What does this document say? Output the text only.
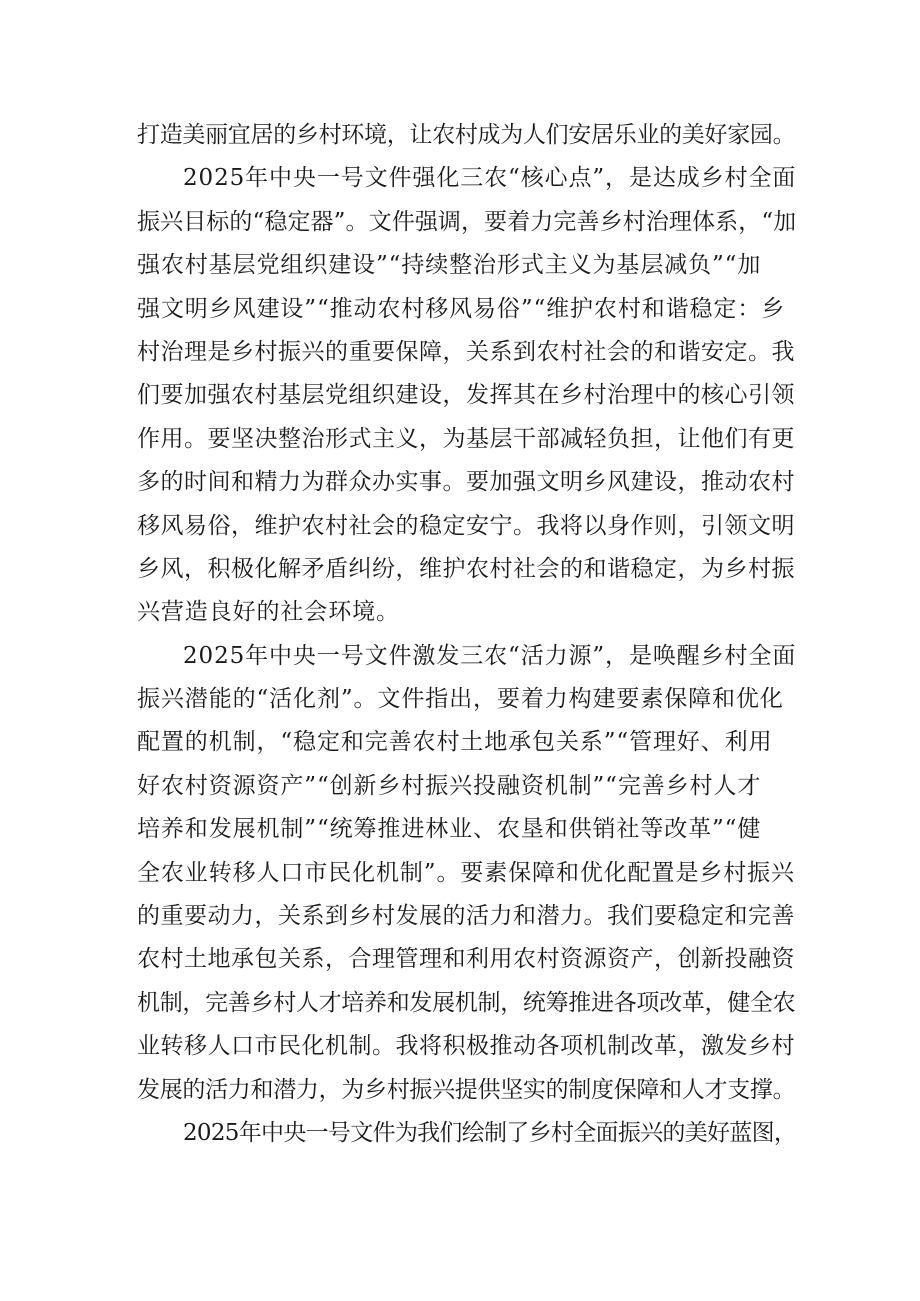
打造美丽宜居的乡村环境，让农村成为人们安居乐业的美好家园。
2025年中央一号文件强化三农“核心点”，是达成乡村全面
振兴目标的“稳定器”。文件强调，要着力完善乡村治理体系，“加
强农村基层党组织建设”“持续整治形式主义为基层减负”“加
强文明乡风建设”“推动农村移风易俗”“维护农村和谐稳定：乡
村治理是乡村振兴的重要保障，关系到农村社会的和谐安定。我
们要加强农村基层党组织建设，发挥其在乡村治理中的核心引领
作用。要坚决整治形式主义，为基层干部减轻负担，让他们有更
多的时间和精力为群众办实事。要加强文明乡风建设，推动农村
移风易俗，维护农村社会的稳定安宁。我将以身作则，引领文明
乡风，积极化解矛盾纠纷，维护农村社会的和谐稳定，为乡村振
兴营造良好的社会环境。
2025年中央一号文件激发三农“活力源”，是唤醒乡村全面
振兴潜能的“活化剂”。文件指出，要着力构建要素保障和优化
配置的机制，“稳定和完善农村土地承包关系”“管理好、利用
好农村资源资产”“创新乡村振兴投融资机制”“完善乡村人才
培养和发展机制”“统筹推进林业、农垦和供销社等改革”“健
全农业转移人口市民化机制”。要素保障和优化配置是乡村振兴
的重要动力，关系到乡村发展的活力和潜力。我们要稳定和完善
农村土地承包关系，合理管理和利用农村资源资产，创新投融资
机制，完善乡村人才培养和发展机制，统筹推进各项改革，健全农
业转移人口市民化机制。我将积极推动各项机制改革，激发乡村
发展的活力和潜力，为乡村振兴提供坚实的制度保障和人才支撑。
2025年中央一号文件为我们绘制了乡村全面振兴的美好蓝图，
